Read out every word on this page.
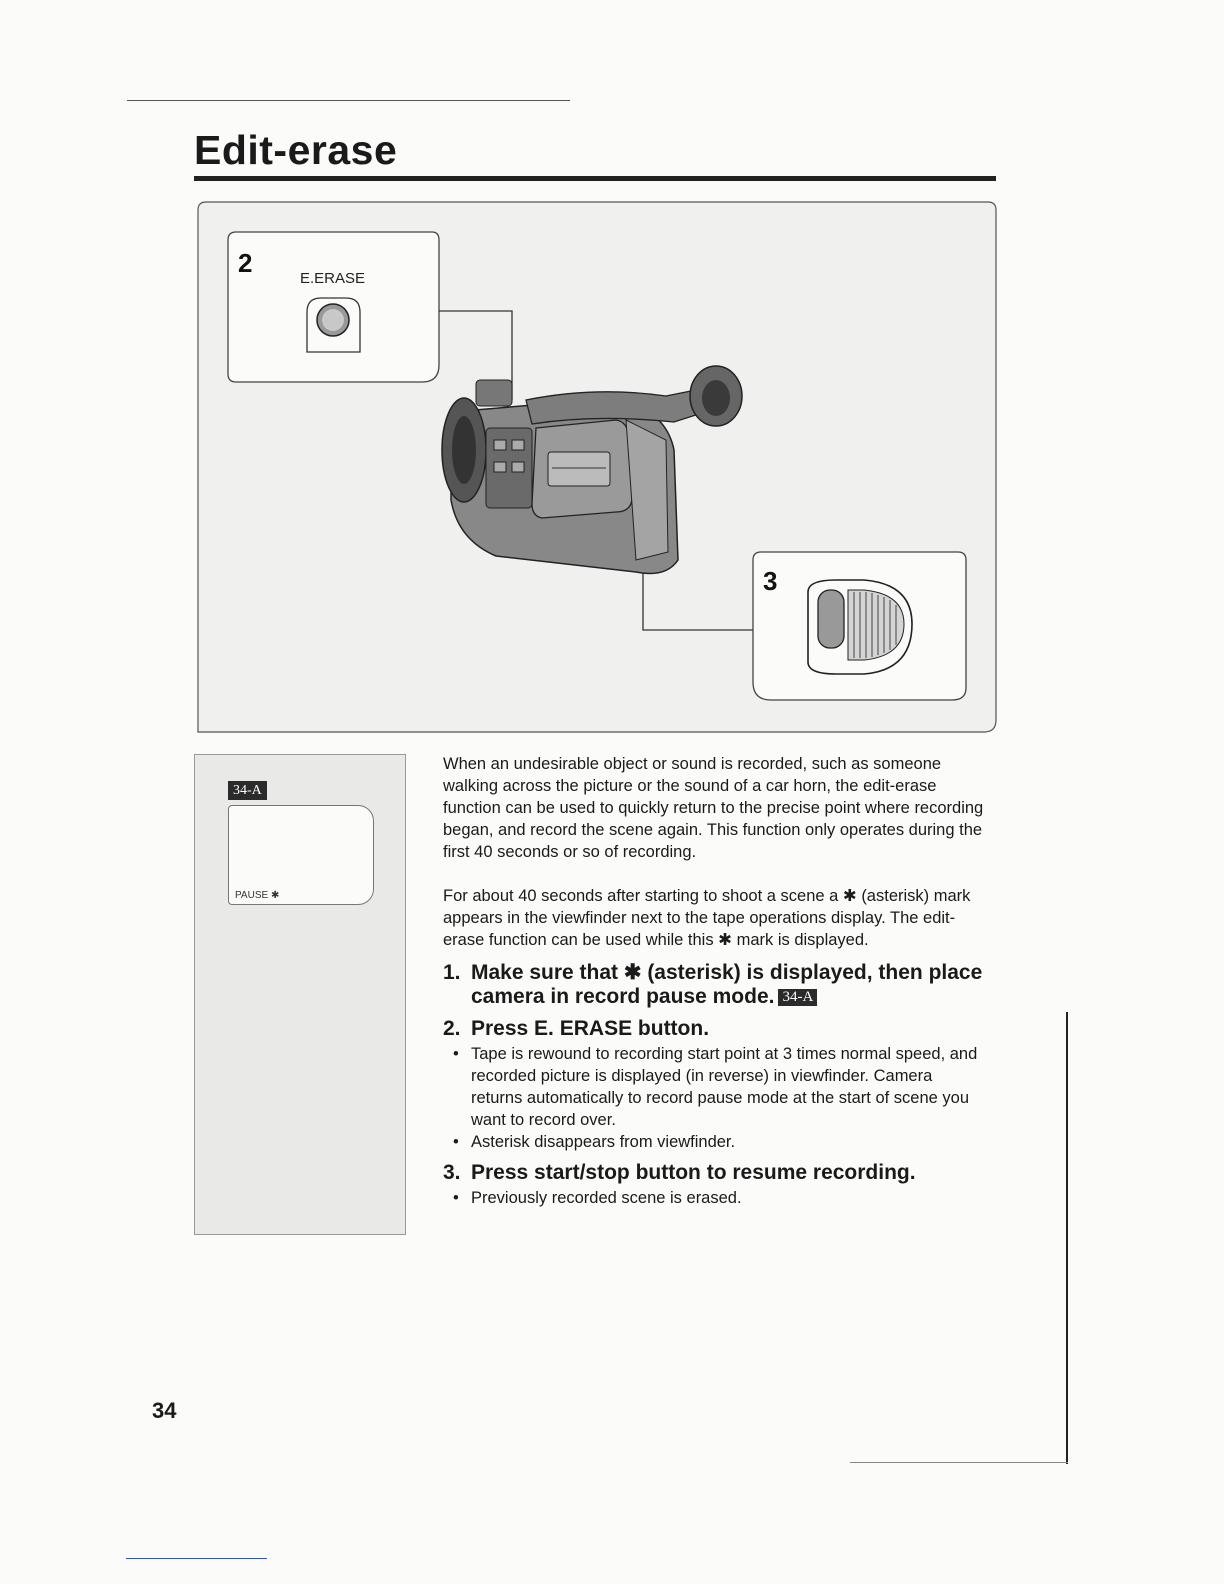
Edit-erase
2
E.ERASE
3
34-A
PAUSE ✱

When an undesirable object or sound is recorded, such as someone walking across the picture or the sound of a car horn, the edit-erase function can be used to quickly return to the precise point where recording began, and record the scene again. This function only operates during the first 40 seconds or so of recording.

For about 40 seconds after starting to shoot a scene a ✱ (asterisk) mark appears in the viewfinder next to the tape operations display. The edit-erase function can be used while this ✱ mark is displayed.

1. Make sure that ✱ (asterisk) is displayed, then place camera in record pause mode. 34-A
2. Press E. ERASE button.
• Tape is rewound to recording start point at 3 times normal speed, and recorded picture is displayed (in reverse) in viewfinder. Camera returns automatically to record pause mode at the start of scene you want to record over.
• Asterisk disappears from viewfinder.
3. Press start/stop button to resume recording.
• Previously recorded scene is erased.
34
